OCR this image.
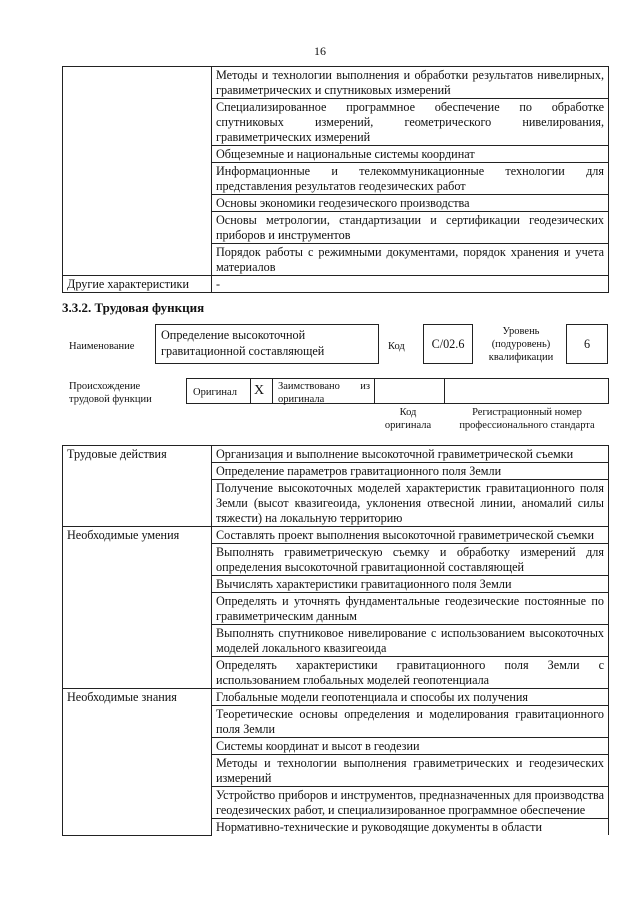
16
	Методы и технологии выполнения и обработки результатов нивелирных, гравиметрических и спутниковых измерений
	Специализированное программное обеспечение по обработке спутниковых измерений, геометрического нивелирования, гравиметрических измерений
	Общеземные и национальные системы координат
	Информационные и телекоммуникационные технологии для представления результатов геодезических работ
	Основы экономики геодезического производства
	Основы метрологии, стандартизации и сертификации геодезических приборов и инструментов
	Порядок работы с режимными документами, порядок хранения и учета материалов
Другие характеристики	-
3.3.2. Трудовая функция
Наименование
Определение высокоточной гравитационной составляющей	Код	C/02.6
Уровень (подуровень) квалификации
6
Происхождение трудовой функции
Оригинал X Заимствовано из оригинала
Код оригинала
Регистрационный номер профессионального стандарта
Трудовые действия	Организация и выполнение высокоточной гравиметрической съемки
	Определение параметров гравитационного поля Земли
	Получение высокоточных моделей характеристик гравитационного поля Земли (высот квазигеоида, уклонения отвесной линии, аномалий силы тяжести) на локальную территорию
Необходимые умения	Составлять проект выполнения высокоточной гравиметрической съемки
	Выполнять гравиметрическую съемку и обработку измерений для определения высокоточной гравитационной составляющей
	Вычислять характеристики гравитационного поля Земли
	Определять и уточнять фундаментальные геодезические постоянные по гравиметрическим данным
	Выполнять спутниковое нивелирование с использованием высокоточных моделей локального квазигеоида
	Определять характеристики гравитационного поля Земли с использованием глобальных моделей геопотенциала
Необходимые знания	Глобальные модели геопотенциала и способы их получения
	Теоретические основы определения и моделирования гравитационного поля Земли
	Системы координат и высот в геодезии
	Методы и технологии выполнения гравиметрических и геодезических измерений
	Устройство приборов и инструментов, предназначенных для производства геодезических работ, и специализированное программное обеспечение
	Нормативно-технические и руководящие документы в области
